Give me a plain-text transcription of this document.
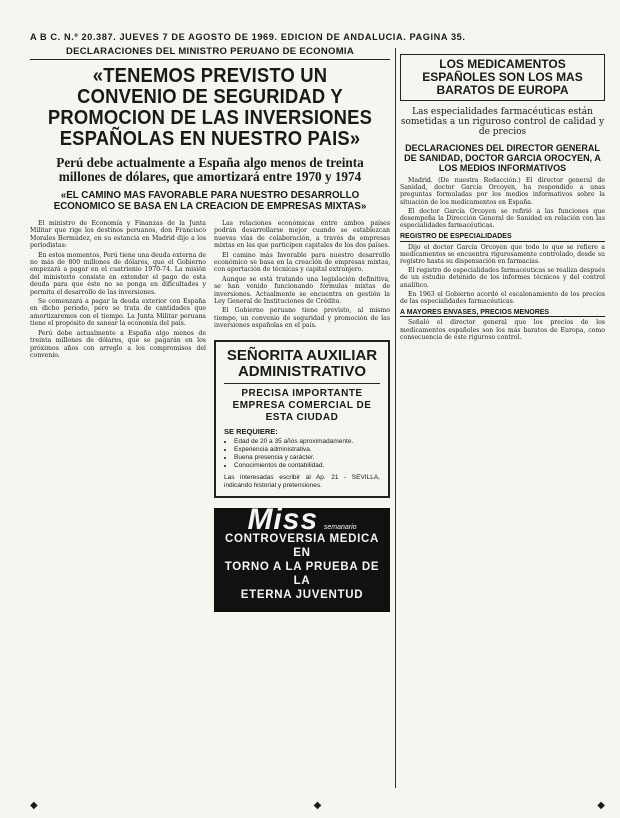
A B C. N.º 20.387. JUEVES 7 DE AGOSTO DE 1969. EDICION DE ANDALUCIA. PAGINA 35.
DECLARACIONES DEL MINISTRO PERUANO DE ECONOMIA
«TENEMOS PREVISTO UN CONVENIO DE SEGURIDAD Y PROMOCION DE LAS INVERSIONES ESPAÑOLAS EN NUESTRO PAIS»
Perú debe actualmente a España algo menos de treinta millones de dólares, que amortizará entre 1970 y 1974
«EL CAMINO MAS FAVORABLE PARA NUESTRO DESARROLLO ECONOMICO SE BASA EN LA CREACION DE EMPRESAS MIXTAS»

El ministro de Economía y Finanzas de la Junta Militar que rige los destinos peruanos, don Francisco Morales Bermúdez, en su estancia en Madrid dijo a los periodistas:

En estos momentos, Perú tiene una deuda externa de no más de 800 millones de dólares, que el Gobierno empezará a pagar en el cuatrienio 1970-74. La misión del ministerio consiste en extender el pago de esta deuda para que éste no se ponga en dificultades y permita el desarrollo de las inversiones.

Se comenzará a pagar la deuda exterior con España en dicho período, pero se trata de cantidades que amortizaremos con el tiempo. La Junta Militar peruana tiene el propósito de sanear la economía del país.

Perú debe actualmente a España algo menos de treinta millones de dólares, que se pagarán en los próximos años con arreglo a los compromisos del convenio.

Las relaciones económicas entre ambos países podrán desarrollarse mejor cuando se establezcan nuevas vías de colaboración, a través de empresas mixtas en las que participen capitales de los dos países.

El camino más favorable para nuestro desarrollo económico se basa en la creación de empresas mixtas, con aportación de técnicas y capital extranjero.

Aunque se está tratando una legislación definitiva, se han venido funcionando fórmulas mixtas de inversiones. Actualmente se encuentra en gestión la Ley General de Instituciones de Crédito.

El Gobierno peruano tiene previsto, al mismo tiempo, un convenio de seguridad y promoción de las inversiones españolas en el país.

SEÑORITA AUXILIAR ADMINISTRATIVO
PRECISA IMPORTANTE EMPRESA COMERCIAL DE ESTA CIUDAD
SE REQUIERE:
• Edad de 20 a 35 años aproximadamente.
• Experiencia administrativa.
• Buena presencia y carácter.
• Conocimientos de contabilidad.
Las interesadas escribir al Ap. 21 - SEVILLA, indicando historial y pretensiones.
Miss semanario
CONTROVERSIA MEDICA EN
TORNO A LA PRUEBA DE LA
ETERNA JUVENTUD
LOS MEDICAMENTOS ESPAÑOLES SON LOS MAS BARATOS DE EUROPA
Las especialidades farmacéuticas están sometidas a un riguroso control de calidad y de precios
DECLARACIONES DEL DIRECTOR GENERAL DE SANIDAD, DOCTOR GARCIA OROCYEN, A LOS MEDIOS INFORMATIVOS

Madrid. (De nuestra Redacción.) El director general de Sanidad, doctor García Orcoyen, ha respondido a unas preguntas formuladas por los medios informativos sobre la situación de los medicamentos en España.

El doctor García Orcoyen se refirió a las funciones que desempeña la Dirección General de Sanidad en relación con las especialidades farmacéuticas.

REGISTRO DE ESPECIALIDADES

Dijo el doctor García Orcoyen que todo lo que se refiere a medicamentos se encuentra rigurosamente controlado, desde su registro hasta su dispensación en farmacias.

El registro de especialidades farmacéuticas se realiza después de un estudio detenido de los informes técnicos y del control analítico.

En 1963 el Gobierno acordó el escalonamiento de los precios de las especialidades farmacéuticas.

A MAYORES ENVASES, PRECIOS MENORES

Señaló el director general que los precios de los medicamentos españoles son los más baratos de Europa, como consecuencia de este riguroso control.

◆	◆	◆
